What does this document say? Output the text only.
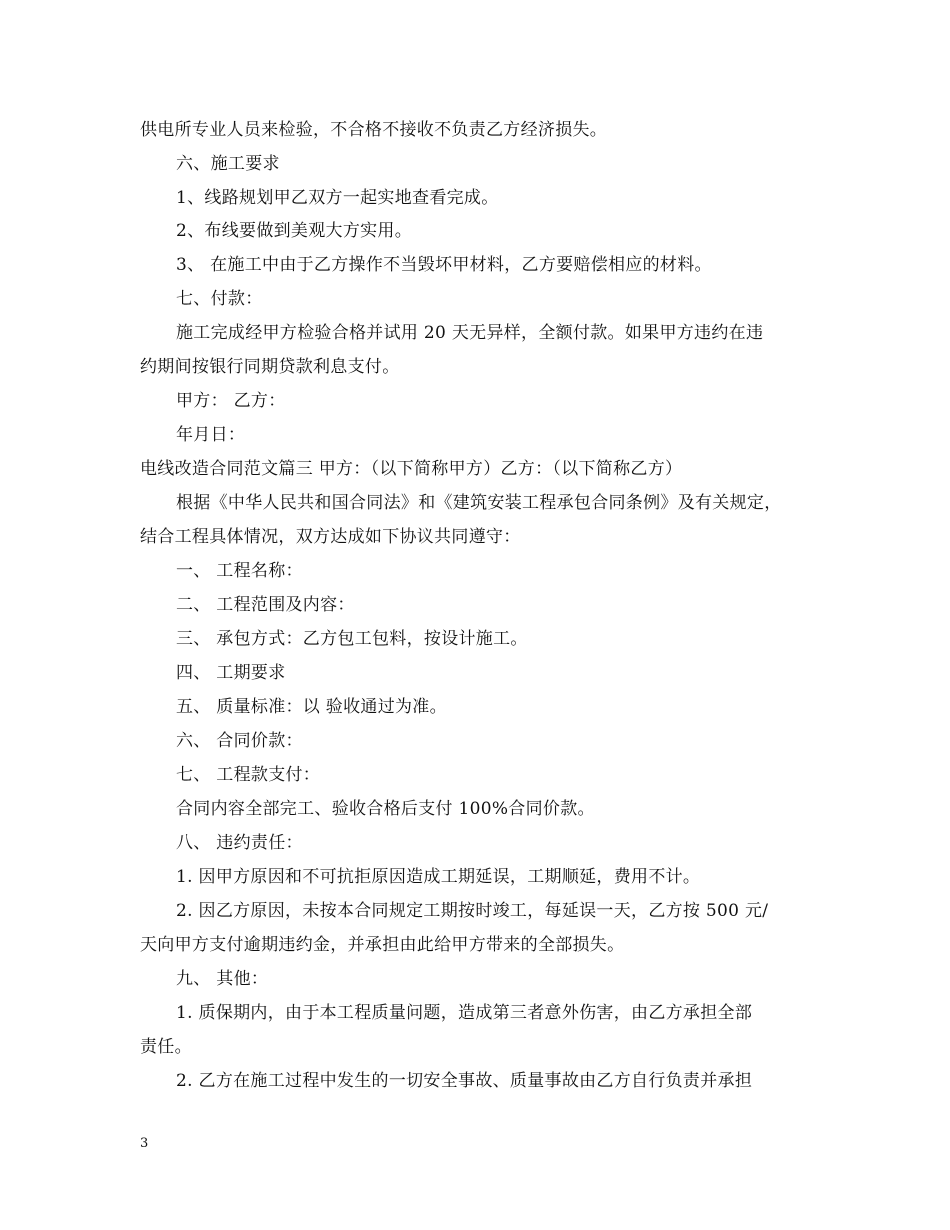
供电所专业人员来检验，不合格不接收不负责乙方经济损失。
六、施工要求
1、线路规划甲乙双方一起实地查看完成。
2、布线要做到美观大方实用。
3、 在施工中由于乙方操作不当毁坏甲材料，乙方要赔偿相应的材料。
七、付款：
施工完成经甲方检验合格并试用 20 天无异样，全额付款。如果甲方违约在违
约期间按银行同期贷款利息支付。
甲方： 乙方：
年月日：
电线改造合同范文篇三 甲方：（以下简称甲方）乙方：（以下简称乙方）
根据《中华人民共和国合同法》和《建筑安装工程承包合同条例》及有关规定，
结合工程具体情况，双方达成如下协议共同遵守：
一、 工程名称：
二、 工程范围及内容：
三、 承包方式：乙方包工包料，按设计施工。
四、 工期要求
五、 质量标准：以 验收通过为准。
六、 合同价款：
七、 工程款支付：
合同内容全部完工、验收合格后支付 100%合同价款。
八、 违约责任：
1. 因甲方原因和不可抗拒原因造成工期延误，工期顺延，费用不计。
2. 因乙方原因，未按本合同规定工期按时竣工，每延误一天，乙方按 500 元/
天向甲方支付逾期违约金，并承担由此给甲方带来的全部损失。
九、 其他：
1. 质保期内，由于本工程质量问题，造成第三者意外伤害，由乙方承担全部
责任。
2. 乙方在施工过程中发生的一切安全事故、质量事故由乙方自行负责并承担
3
